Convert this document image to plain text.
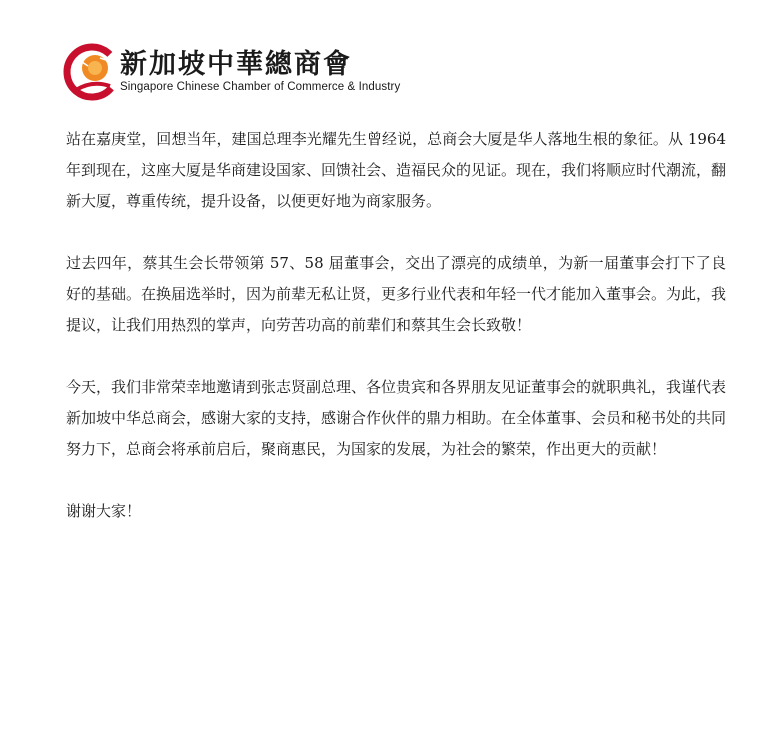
新加坡中華總商會
Singapore Chinese Chamber of Commerce & Industry

站在嘉庚堂，回想当年，建国总理李光耀先生曾经说，总商会大厦是华人落地生根的象征。从 1964 年到现在，这座大厦是华商建设国家、回馈社会、造福民众的见证。现在，我们将顺应时代潮流，翻新大厦，尊重传统，提升设备，以便更好地为商家服务。

过去四年，蔡其生会长带领第 57、58 届董事会，交出了漂亮的成绩单，为新一届董事会打下了良好的基础。在换届选举时，因为前辈无私让贤，更多行业代表和年轻一代才能加入董事会。为此，我提议，让我们用热烈的掌声，向劳苦功高的前辈们和蔡其生会长致敬！

今天，我们非常荣幸地邀请到张志贤副总理、各位贵宾和各界朋友见证董事会的就职典礼，我谨代表新加坡中华总商会，感谢大家的支持，感谢合作伙伴的鼎力相助。在全体董事、会员和秘书处的共同努力下，总商会将承前启后，聚商惠民，为国家的发展，为社会的繁荣，作出更大的贡献！

谢谢大家！
